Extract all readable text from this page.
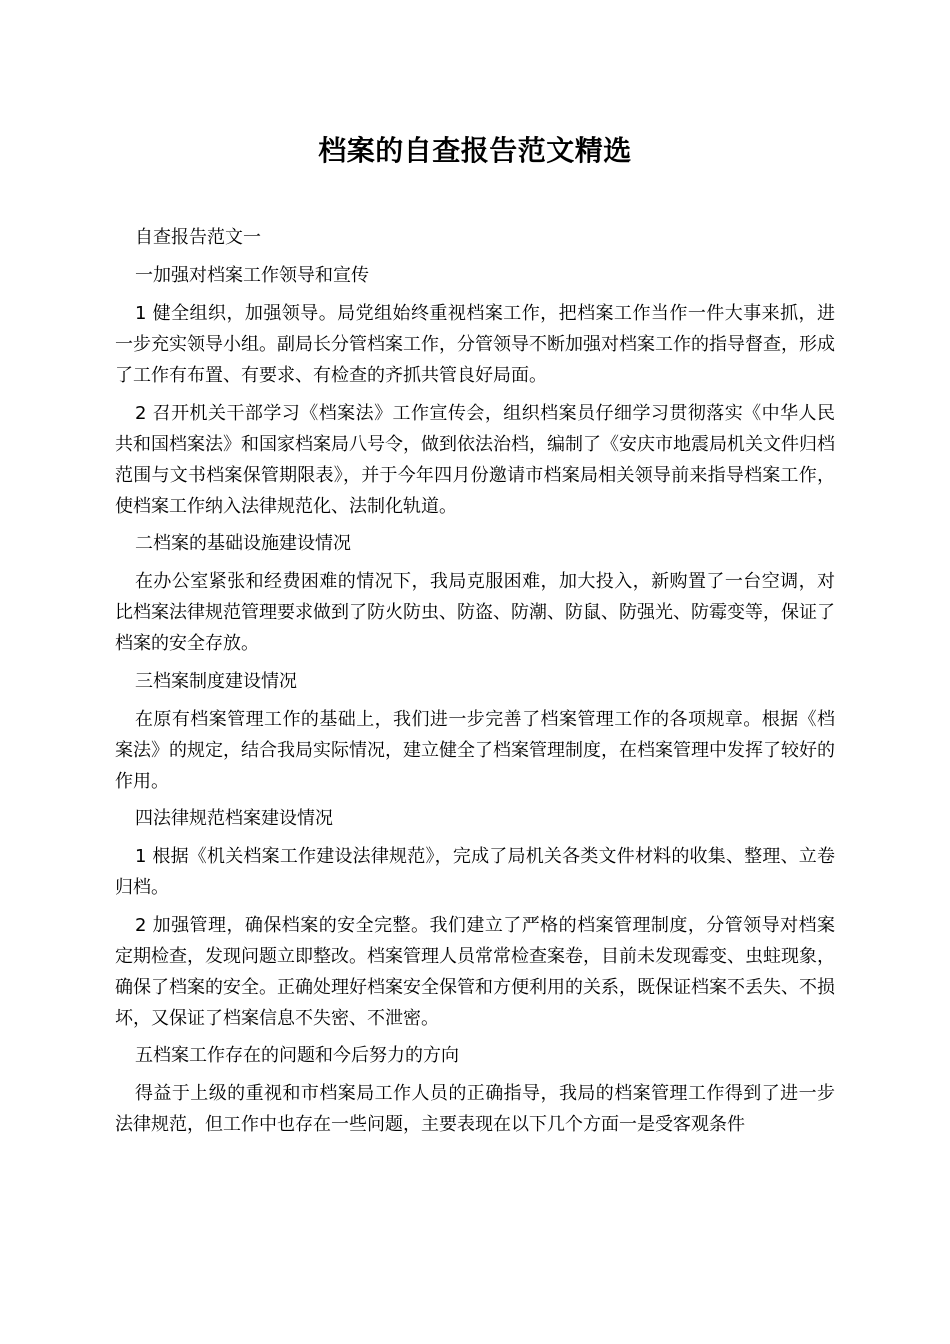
档案的自查报告范文精选

自查报告范文一

一加强对档案工作领导和宣传

1 健全组织，加强领导。局党组始终重视档案工作，把档案工作当作一件大事来抓，进一步充实领导小组。副局长分管档案工作，分管领导不断加强对档案工作的指导督查，形成了工作有布置、有要求、有检查的齐抓共管良好局面。

2 召开机关干部学习《档案法》工作宣传会，组织档案员仔细学习贯彻落实《中华人民共和国档案法》和国家档案局八号令，做到依法治档，编制了《安庆市地震局机关文件归档范围与文书档案保管期限表》，并于今年四月份邀请市档案局相关领导前来指导档案工作，使档案工作纳入法律规范化、法制化轨道。

二档案的基础设施建设情况

在办公室紧张和经费困难的情况下，我局克服困难，加大投入，新购置了一台空调，对比档案法律规范管理要求做到了防火防虫、防盗、防潮、防鼠、防强光、防霉变等，保证了档案的安全存放。

三档案制度建设情况

在原有档案管理工作的基础上，我们进一步完善了档案管理工作的各项规章。根据《档案法》的规定，结合我局实际情况，建立健全了档案管理制度，在档案管理中发挥了较好的作用。

四法律规范档案建设情况

1 根据《机关档案工作建设法律规范》，完成了局机关各类文件材料的收集、整理、立卷归档。

2 加强管理，确保档案的安全完整。我们建立了严格的档案管理制度，分管领导对档案定期检查，发现问题立即整改。档案管理人员常常检查案卷，目前未发现霉变、虫蛀现象，确保了档案的安全。正确处理好档案安全保管和方便利用的关系，既保证档案不丢失、不损坏，又保证了档案信息不失密、不泄密。

五档案工作存在的问题和今后努力的方向

得益于上级的重视和市档案局工作人员的正确指导，我局的档案管理工作得到了进一步法律规范，但工作中也存在一些问题，主要表现在以下几个方面一是受客观条件
